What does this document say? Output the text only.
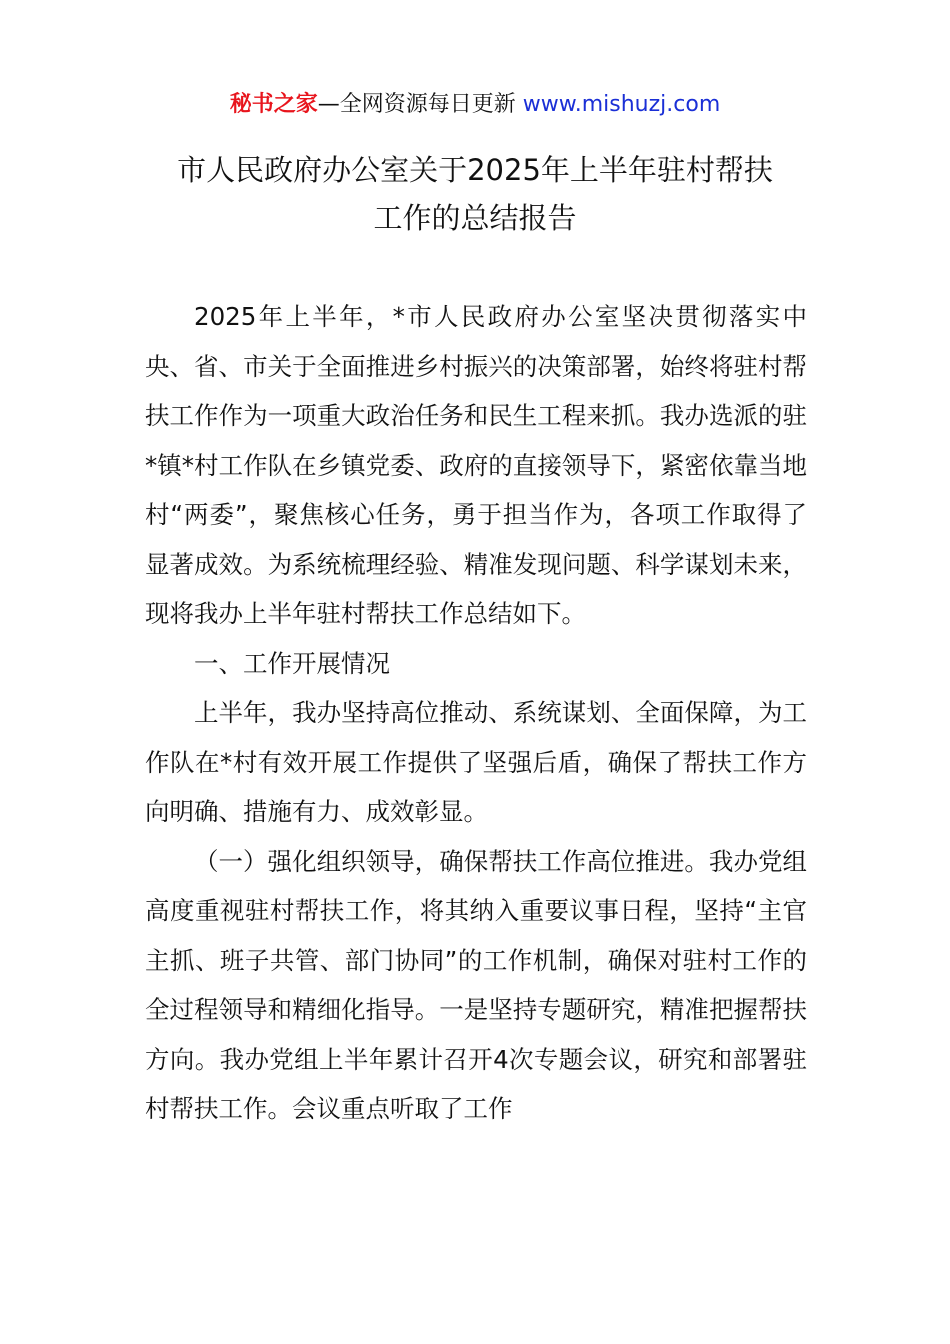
秘书之家—全网资源每日更新 www.mishuzj.com
市人民政府办公室关于2025年上半年驻村帮扶
工作的总结报告

2025年上半年，*市人民政府办公室坚决贯彻落实中央、省、市关于全面推进乡村振兴的决策部署，始终将驻村帮扶工作作为一项重大政治任务和民生工程来抓。我办选派的驻*镇*村工作队在乡镇党委、政府的直接领导下，紧密依靠当地村“两委”，聚焦核心任务，勇于担当作为，各项工作取得了显著成效。为系统梳理经验、精准发现问题、科学谋划未来，现将我办上半年驻村帮扶工作总结如下。

一、工作开展情况

上半年，我办坚持高位推动、系统谋划、全面保障，为工作队在*村有效开展工作提供了坚强后盾，确保了帮扶工作方向明确、措施有力、成效彰显。

（一）强化组织领导，确保帮扶工作高位推进。我办党组高度重视驻村帮扶工作，将其纳入重要议事日程，坚持“主官主抓、班子共管、部门协同”的工作机制，确保对驻村工作的全过程领导和精细化指导。一是坚持专题研究，精准把握帮扶方向。我办党组上半年累计召开4次专题会议，研究和部署驻村帮扶工作。会议重点听取了工作
